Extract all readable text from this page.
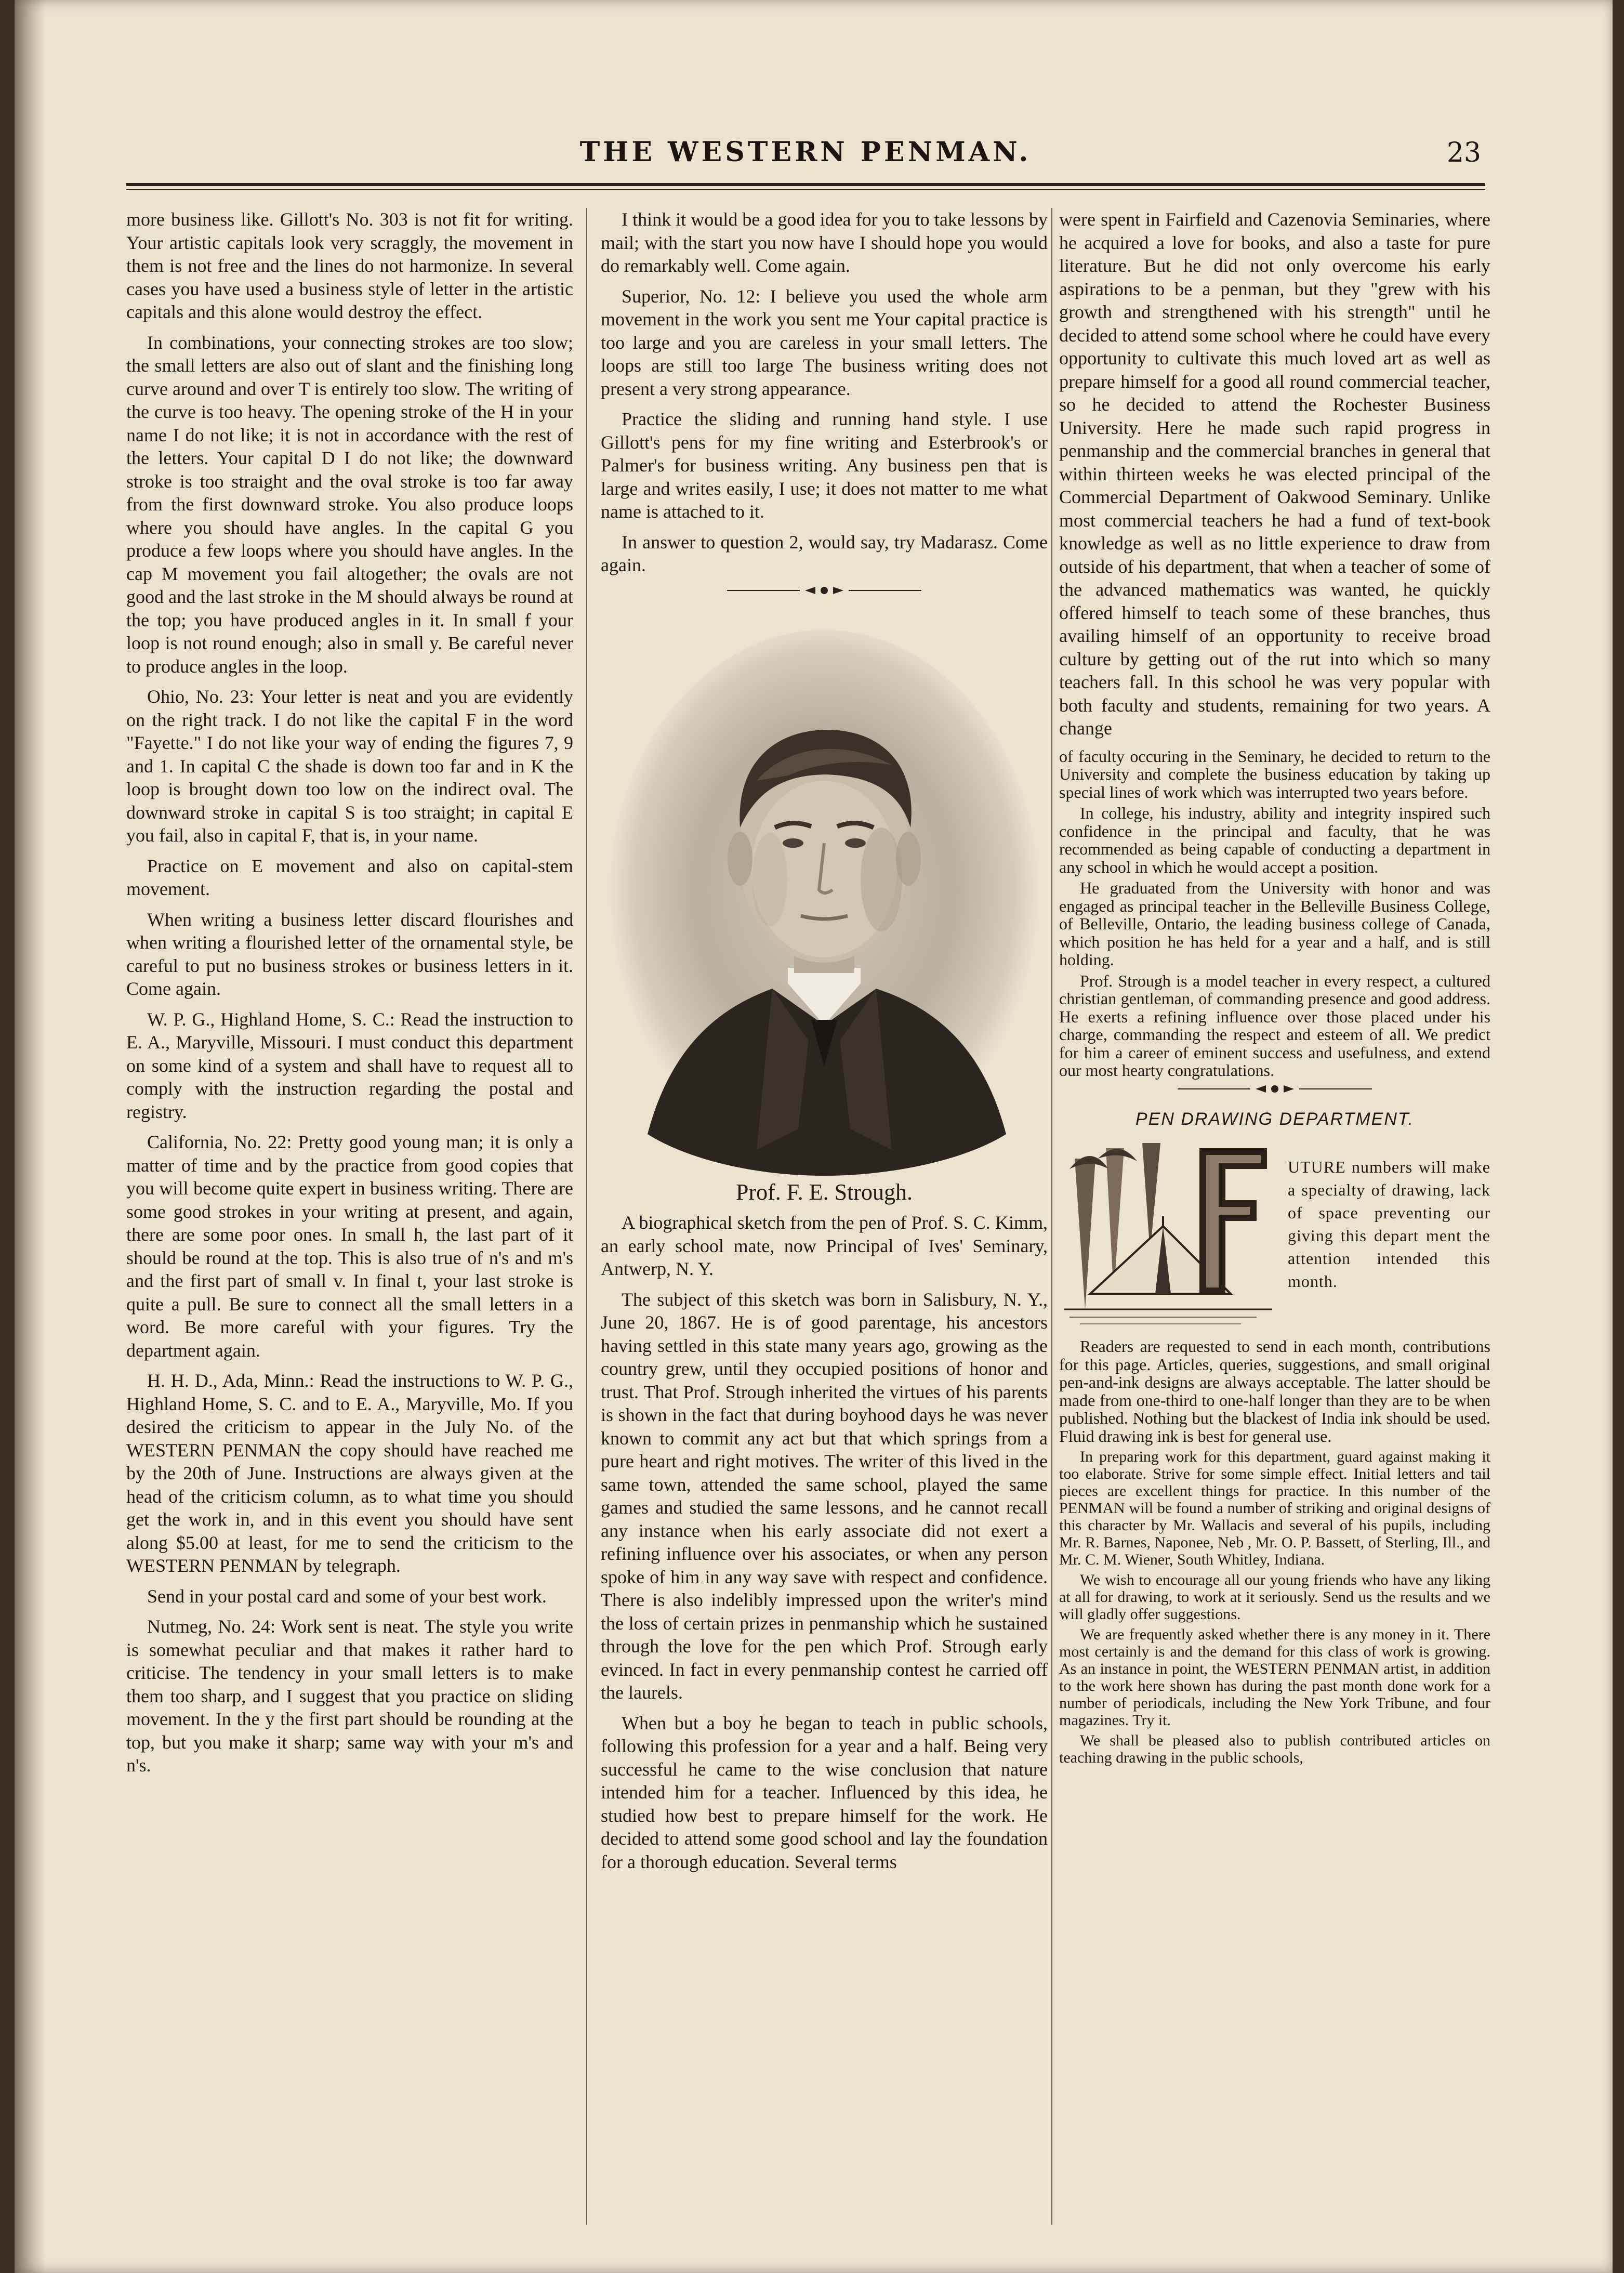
THE WESTERN PENMAN.	23

more business like. Gillott's No. 303 is not fit for writing. Your artistic capitals look very scraggly, the movement in them is not free and the lines do not harmonize. In several cases you have used a business style of letter in the artistic capitals and this alone would destroy the effect.

In combinations, your connecting strokes are too slow; the small letters are also out of slant and the finishing long curve around and over T is entirely too slow. The writing of the curve is too heavy. The opening stroke of the H in your name I do not like; it is not in accordance with the rest of the letters. Your capital D I do not like; the downward stroke is too straight and the oval stroke is too far away from the first downward stroke. You also produce loops where you should have angles. In the capital G you produce a few loops where you should have angles. In the cap M movement you fail altogether; the ovals are not good and the last stroke in the M should always be round at the top; you have produced angles in it. In small f your loop is not round enough; also in small y. Be careful never to produce angles in the loop.

Ohio, No. 23: Your letter is neat and you are evidently on the right track. I do not like the capital F in the word "Fayette." I do not like your way of ending the figures 7, 9 and 1. In capital C the shade is down too far and in K the loop is brought down too low on the indirect oval. The downward stroke in capital S is too straight; in capital E you fail, also in capital F, that is, in your name.

Practice on E movement and also on capital-stem movement.

When writing a business letter discard flourishes and when writing a flourished letter of the ornamental style, be careful to put no business strokes or business letters in it. Come again.

W. P. G., Highland Home, S. C.: Read the instruction to E. A., Maryville, Missouri. I must conduct this department on some kind of a system and shall have to request all to comply with the instruction regarding the postal and registry.

California, No. 22: Pretty good young man; it is only a matter of time and by the practice from good copies that you will become quite expert in business writing. There are some good strokes in your writing at present, and again, there are some poor ones. In small h, the last part of it should be round at the top. This is also true of n's and m's and the first part of small v. In final t, your last stroke is quite a pull. Be sure to connect all the small letters in a word. Be more careful with your figures. Try the department again.

H. H. D., Ada, Minn.: Read the instructions to W. P. G., Highland Home, S. C. and to E. A., Maryville, Mo. If you desired the criticism to appear in the July No. of the WESTERN PENMAN the copy should have reached me by the 20th of June. Instructions are always given at the head of the criticism column, as to what time you should get the work in, and in this event you should have sent along $5.00 at least, for me to send the criticism to the WESTERN PENMAN by telegraph.

Send in your postal card and some of your best work.

Nutmeg, No. 24: Work sent is neat. The style you write is somewhat peculiar and that makes it rather hard to criticise. The tendency in your small letters is to make them too sharp, and I suggest that you practice on sliding movement. In the y the first part should be rounding at the top, but you make it sharp; same way with your m's and n's.

I think it would be a good idea for you to take lessons by mail; with the start you now have I should hope you would do remarkably well. Come again.

Superior, No. 12: I believe you used the whole arm movement in the work you sent me Your capital practice is too large and you are careless in your small letters. The loops are still too large The business writing does not present a very strong appearance.

Practice the sliding and running hand style. I use Gillott's pens for my fine writing and Esterbrook's or Palmer's for business writing. Any business pen that is large and writes easily, I use; it does not matter to me what name is attached to it.

In answer to question 2, would say, try Madarasz. Come again.

Prof. F. E. Strough.

A biographical sketch from the pen of Prof. S. C. Kimm, an early school mate, now Principal of Ives' Seminary, Antwerp, N. Y.

The subject of this sketch was born in Salisbury, N. Y., June 20, 1867. He is of good parentage, his ancestors having settled in this state many years ago, growing as the country grew, until they occupied positions of honor and trust. That Prof. Strough inherited the virtues of his parents is shown in the fact that during boyhood days he was never known to commit any act but that which springs from a pure heart and right motives. The writer of this lived in the same town, attended the same school, played the same games and studied the same lessons, and he cannot recall any instance when his early associate did not exert a refining influence over his associates, or when any person spoke of him in any way save with respect and confidence. There is also indelibly impressed upon the writer's mind the loss of certain prizes in penmanship which he sustained through the love for the pen which Prof. Strough early evinced. In fact in every penmanship contest he carried off the laurels.

When but a boy he began to teach in public schools, following this profession for a year and a half. Being very successful he came to the wise conclusion that nature intended him for a teacher. Influenced by this idea, he studied how best to prepare himself for the work. He decided to attend some good school and lay the foundation for a thorough education. Several terms

were spent in Fairfield and Cazenovia Seminaries, where he acquired a love for books, and also a taste for pure literature. But he did not only overcome his early aspirations to be a penman, but they "grew with his growth and strengthened with his strength" until he decided to attend some school where he could have every opportunity to cultivate this much loved art as well as prepare himself for a good all round commercial teacher, so he decided to attend the Rochester Business University. Here he made such rapid progress in penmanship and the commercial branches in general that within thirteen weeks he was elected principal of the Commercial Department of Oakwood Seminary. Unlike most commercial teachers he had a fund of text-book knowledge as well as no little experience to draw from outside of his department, that when a teacher of some of the advanced mathematics was wanted, he quickly offered himself to teach some of these branches, thus availing himself of an opportunity to receive broad culture by getting out of the rut into which so many teachers fall. In this school he was very popular with both faculty and students, remaining for two years. A change

of faculty occuring in the Seminary, he decided to return to the University and complete the business education by taking up special lines of work which was interrupted two years before.

In college, his industry, ability and integrity inspired such confidence in the principal and faculty, that he was recommended as being capable of conducting a department in any school in which he would accept a position.

He graduated from the University with honor and was engaged as principal teacher in the Belleville Business College, of Belleville, Ontario, the leading business college of Canada, which position he has held for a year and a half, and is still holding.

Prof. Strough is a model teacher in every respect, a cultured christian gentleman, of commanding presence and good address. He exerts a refining influence over those placed under his charge, commanding the respect and esteem of all. We predict for him a career of eminent success and usefulness, and extend our most hearty congratulations.

PEN DRAWING DEPARTMENT.

UTURE numbers will make a specialty of drawing, lack of space preventing our giving this depart ment the attention intended this month.

Readers are requested to send in each month, contributions for this page. Articles, queries, suggestions, and small original pen-and-ink designs are always acceptable. The latter should be made from one-third to one-half longer than they are to be when published. Nothing but the blackest of India ink should be used. Fluid drawing ink is best for general use.

In preparing work for this department, guard against making it too elaborate. Strive for some simple effect. Initial letters and tail pieces are excellent things for practice. In this number of the PENMAN will be found a number of striking and original designs of this character by Mr. Wallacis and several of his pupils, including Mr. R. Barnes, Naponee, Neb , Mr. O. P. Bassett, of Sterling, Ill., and Mr. C. M. Wiener, South Whitley, Indiana.

We wish to encourage all our young friends who have any liking at all for drawing, to work at it seriously. Send us the results and we will gladly offer suggestions.

We are frequently asked whether there is any money in it. There most certainly is and the demand for this class of work is growing. As an instance in point, the WESTERN PENMAN artist, in addition to the work here shown has during the past month done work for a number of periodicals, including the New York Tribune, and four magazines. Try it.

We shall be pleased also to publish contributed articles on teaching drawing in the public schools,
